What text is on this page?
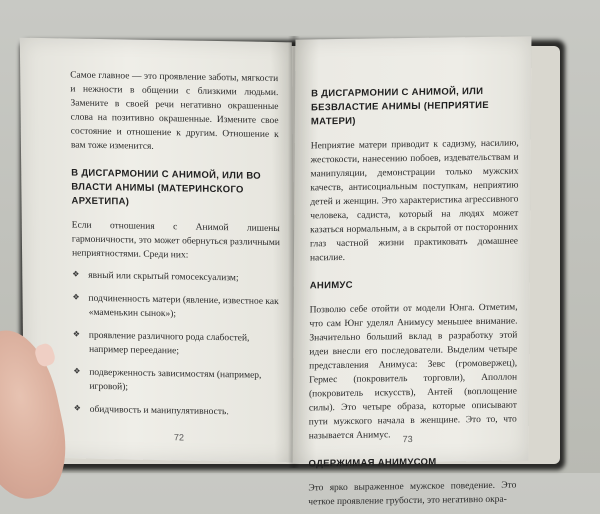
Самое главное — это проявление заботы, мягкости и нежности в общении с близкими людьми. Замените в своей речи негативно окрашенные слова на позитивно окрашенные. Измените свое состояние и отношение к другим. Отношение к вам тоже изменится.

В ДИСГАРМОНИИ С АНИМОЙ, ИЛИ ВО ВЛАСТИ АНИМЫ (МАТЕРИНСКОГО АРХЕТИПА)

Если отношения с Анимой лишены гармоничности, это может обернуться различными неприятностями. Среди них:

❖ явный или скрытый гомосексуализм;
❖ подчиненность матери (явление, известное как «маменькин сынок»);
❖ проявление различного рода слабостей, например переедание;
❖ подверженность зависимостям (например, игровой);
❖ обидчивость и манипулятивность.
72
В ДИСГАРМОНИИ С АНИМОЙ, ИЛИ БЕЗВЛАСТИЕ АНИМЫ (НЕПРИЯТИЕ МАТЕРИ)

Неприятие матери приводит к садизму, насилию, жестокости, нанесению побоев, издевательствам и манипуляции, демонстрации только мужских качеств, антисоциальным поступкам, неприятию детей и женщин. Это характеристика агрессивного человека, садиста, который на людях может казаться нормальным, а в скрытой от посторонних глаз частной жизни практиковать домашнее насилие.

АНИМУС

Позволю себе отойти от модели Юнга. Отметим, что сам Юнг уделял Анимусу меньшее внимание. Значительно больший вклад в разработку этой идеи внесли его последователи. Выделим четыре представления Анимуса: Зевс (громовержец), Гермес (покровитель торговли), Аполлон (покровитель искусств), Антей (воплощение силы). Это четыре образа, которые описывают пути мужского начала в женщине. Это то, что называется Анимус.

ОДЕРЖИМАЯ АНИМУСОМ

Это ярко выраженное мужское поведение. Это четкое проявление грубости, это негативно окра-

73
